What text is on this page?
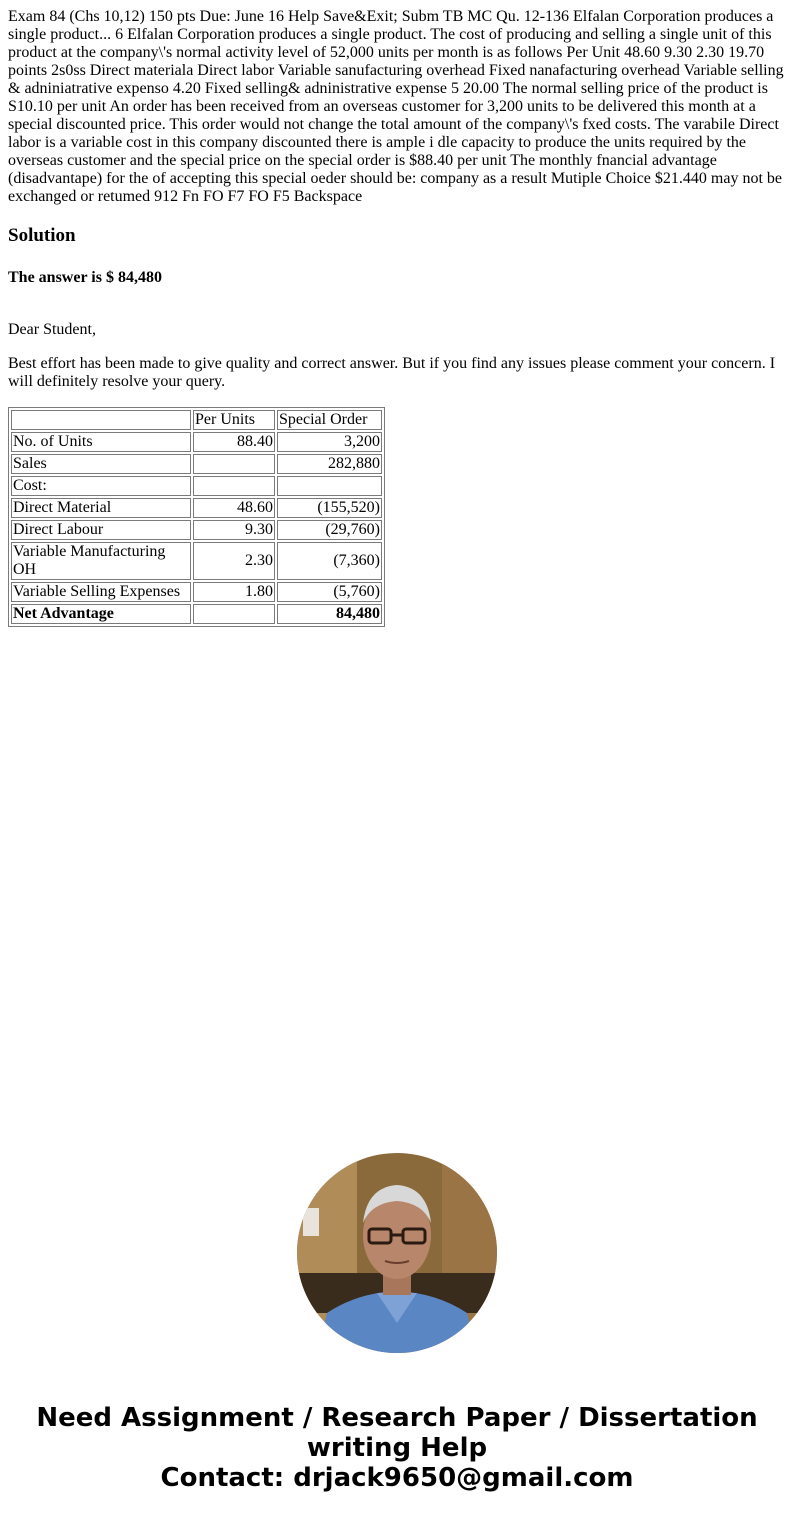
Exam 84 (Chs 10,12) 150 pts Due: June 16 Help Save&Exit; Subm TB MC Qu. 12-136 Elfalan Corporation produces a single product... 6 Elfalan Corporation produces a single product. The cost of producing and selling a single unit of this product at the company\'s normal activity level of 52,000 units per month is as follows Per Unit 48.60 9.30 2.30 19.70 points 2s0ss Direct materiala Direct labor Variable sanufacturing overhead Fixed nanafacturing overhead Variable selling & adniniatrative expenso 4.20 Fixed selling& adninistrative expense 5 20.00 The normal selling price of the product is S10.10 per unit An order has been received from an overseas customer for 3,200 units to be delivered this month at a special discounted price. This order would not change the total amount of the company\'s fxed costs. The varabile Direct labor is a variable cost in this company discounted there is ample i dle capacity to produce the units required by the overseas customer and the special price on the special order is $88.40 per unit The monthly fnancial advantage (disadvantape) for the of accepting this special oeder should be: company as a result Mutiple Choice $21.440 may not be exchanged or retumed 912 Fn FO F7 FO F5 Backspace

Solution

The answer is $ 84,480

Dear Student,

Best effort has been made to give quality and correct answer. But if you find any issues please comment your concern. I will definitely resolve your query.

	Per Units	Special Order
No. of Units	88.40	3,200
Sales		282,880
Cost:		
Direct Material	48.60	(155,520)
Direct Labour	9.30	(29,760)
Variable Manufacturing OH	2.30	(7,360)
Variable Selling Expenses	1.80	(5,760)
Net Advantage		84,480
Need Assignment / Research Paper / Dissertation
writing Help
Contact: drjack9650@gmail.com
